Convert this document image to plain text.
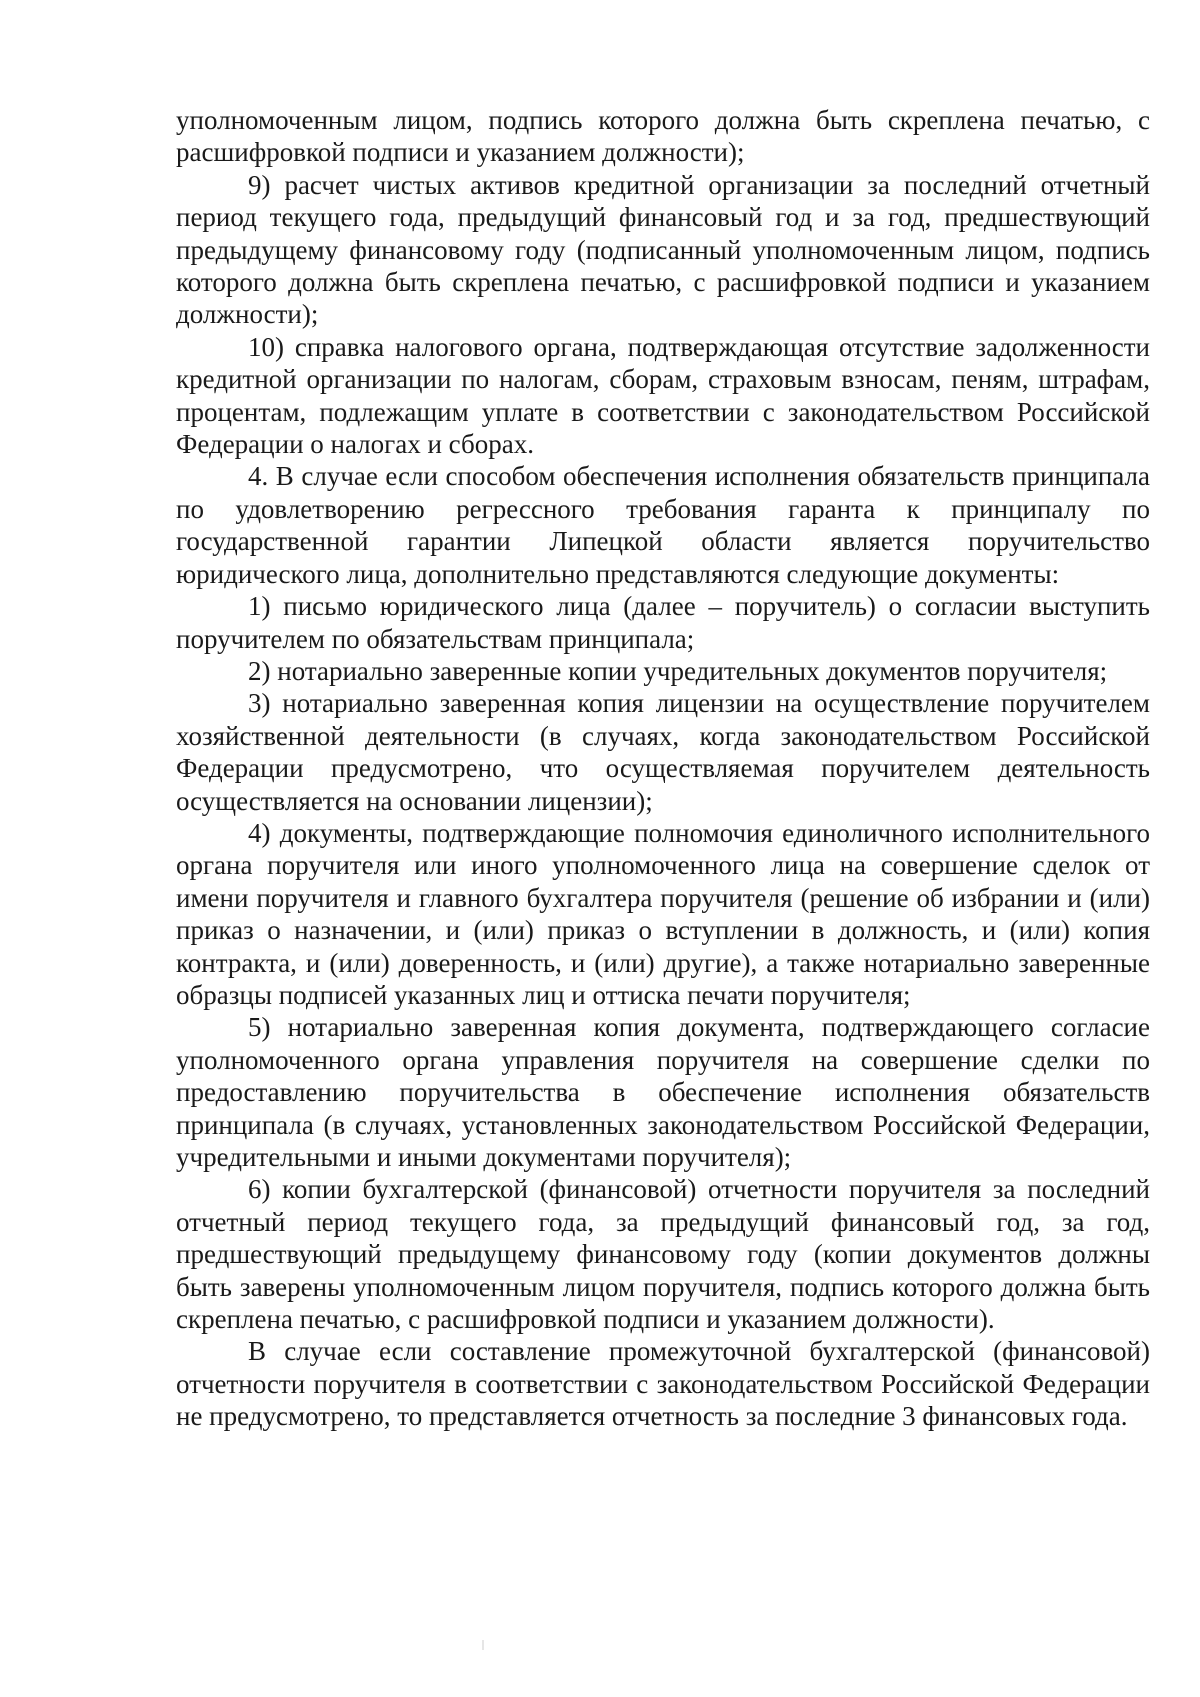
уполномоченным лицом, подпись которого должна быть скреплена печатью, с расшифровкой подписи и указанием должности);

9) расчет чистых активов кредитной организации за последний отчетный период текущего года, предыдущий финансовый год и за год, предшествующий предыдущему финансовому году (подписанный уполномоченным лицом, подпись которого должна быть скреплена печатью, с расшифровкой подписи и указанием должности);

10) справка налогового органа, подтверждающая отсутствие задолженности кредитной организации по налогам, сборам, страховым взносам, пеням, штрафам, процентам, подлежащим уплате в соответствии с законодательством Российской Федерации о налогах и сборах.

4. В случае если способом обеспечения исполнения обязательств принципала по удовлетворению регрессного требования гаранта к принципалу по государственной гарантии Липецкой области является поручительство юридического лица, дополнительно представляются следующие документы:

1) письмо юридического лица (далее – поручитель) о согласии выступить поручителем по обязательствам принципала;

2) нотариально заверенные копии учредительных документов поручителя;

3) нотариально заверенная копия лицензии на осуществление поручителем хозяйственной деятельности (в случаях, когда законодательством Российской Федерации предусмотрено, что осуществляемая поручителем деятельность осуществляется на основании лицензии);

4) документы, подтверждающие полномочия единоличного исполнительного органа поручителя или иного уполномоченного лица на совершение сделок от имени поручителя и главного бухгалтера поручителя (решение об избрании и (или) приказ о назначении, и (или) приказ о вступлении в должность, и (или) копия контракта, и (или) доверенность, и (или) другие), а также нотариально заверенные образцы подписей указанных лиц и оттиска печати поручителя;

5) нотариально заверенная копия документа, подтверждающего согласие уполномоченного органа управления поручителя на совершение сделки по предоставлению поручительства в обеспечение исполнения обязательств принципала (в случаях, установленных законодательством Российской Федерации, учредительными и иными документами поручителя);

6) копии бухгалтерской (финансовой) отчетности поручителя за последний отчетный период текущего года, за предыдущий финансовый год, за год, предшествующий предыдущему финансовому году (копии документов должны быть заверены уполномоченным лицом поручителя, подпись которого должна быть скреплена печатью, с расшифровкой подписи и указанием должности).

В случае если составление промежуточной бухгалтерской (финансовой) отчетности поручителя в соответствии с законодательством Российской Федерации не предусмотрено, то представляется отчетность за последние 3 финансовых года.
